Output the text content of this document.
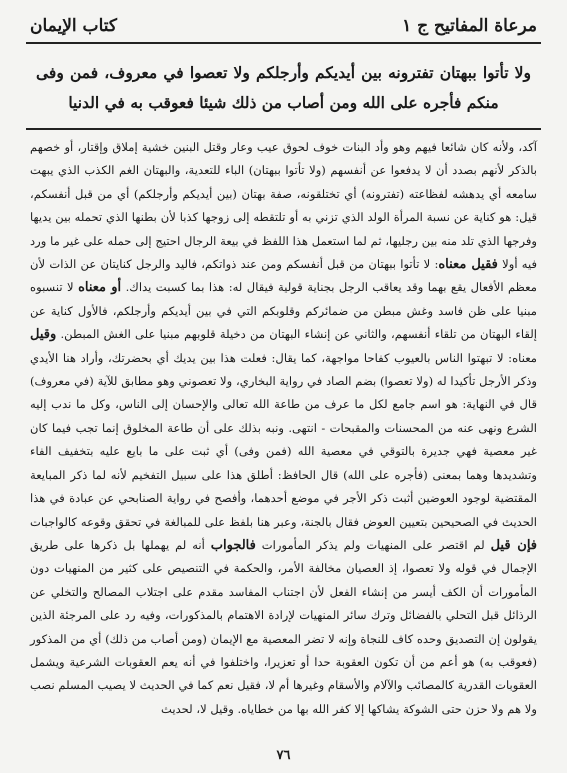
مرعاة المفاتيح ج ١
كتاب الإيمان
ولا تأتوا ببهتان تفترونه بين أيديكم وأرجلكم ولا تعصوا في معروف، فمن وفى منكم فأجره على الله ومن أصاب من ذلك شيئا فعوقب به في الدنيا

آكد، ولأنه كان شائعا فيهم وهو وأد البنات خوف لحوق عيب وعار وقتل البنين خشية إملاق وإقتار، أو خصهم بالذكر لأنهم بصدد أن لا يدفعوا عن أنفسهم (ولا تأتوا ببهتان) الباء للتعدية، والبهتان الغم الكذب الذي يبهت سامعه أي يدهشه لفظاعته (تفترونه) أي تختلقونه، صفة بهتان (بين أيديكم وأرجلكم) أي من قبل أنفسكم، قيل: هو كناية عن نسبة المرأة الولد الذي تزني به أو تلتقطه إلى زوجها كذبا لأن بطنها الذي تحمله بين يديها وفرجها الذي تلد منه بين رجليها، ثم لما استعمل هذا اللفظ في بيعة الرجال احتيج إلى حمله على غير ما ورد فيه أولا فقيل معناه: لا تأتوا ببهتان من قبل أنفسكم ومن عند ذواتكم، فاليد والرجل كنايتان عن الذات لأن معظم الأفعال يقع بهما وقد يعاقب الرجل بجناية قولية فيقال له: هذا بما كسبت يداك. أو معناه لا تنسبوه مبنيا على ظن فاسد وغش مبطن من ضمائركم وقلوبكم التي في بين أيديكم وأرجلكم، فالأول كناية عن إلقاء البهتان من تلقاء أنفسهم، والثاني عن إنشاء البهتان من دخيلة قلوبهم مبنيا على الغش المبطن. وقيل معناه: لا تبهتوا الناس بالعيوب كفاحا مواجهة، كما يقال: فعلت هذا بين يديك أي بحضرتك، وأراد هنا الأيدي وذكر الأرجل تأكيدا له (ولا تعصوا) بضم الصاد في رواية البخاري، ولا تعصوني وهو مطابق للآية (في معروف) قال في النهاية: هو اسم جامع لكل ما عرف من طاعة الله تعالى والإحسان إلى الناس، وكل ما ندب إليه الشرع ونهى عنه من المحسنات والمقبحات - انتهى. ونبه بذلك على أن طاعة المخلوق إنما تجب فيما كان غير معصية فهي جديرة بالتوقي في معصية الله (فمن وفى) أي ثبت على ما بايع عليه بتخفيف الفاء وتشديدها وهما بمعنى (فأجره على الله) قال الحافظ: أطلق هذا على سبيل التفخيم لأنه لما ذكر المبايعة المقتضية لوجود العوضين أثبت ذكر الأجر في موضع أحدهما، وأفصح في رواية الصنابحي عن عبادة في هذا الحديث في الصحيحين بتعيين العوض فقال بالجنة، وعبر هنا بلفظ على للمبالغة في تحقق وقوعه كالواجبات فإن قيل لم اقتصر على المنهيات ولم يذكر المأمورات فالجواب أنه لم يهملها بل ذكرها على طريق الإجمال في قوله ولا تعصوا، إذ العصيان مخالفة الأمر، والحكمة في التنصيص على كثير من المنهيات دون المأمورات أن الكف أيسر من إنشاء الفعل لأن اجتناب المفاسد مقدم على اجتلاب المصالح والتخلي عن الرذائل قبل التحلي بالفضائل وترك سائر المنهيات لإرادة الاهتمام بالمذكورات، وفيه رد على المرجئة الذين يقولون إن التصديق وحده كاف للنجاة وإنه لا تضر المعصية مع الإيمان (ومن أصاب من ذلك) أي من المذكور (فعوقب به) هو أعم من أن تكون العقوبة حدا أو تعزيرا، واختلفوا في أنه يعم العقوبات الشرعية ويشمل العقوبات القدرية كالمصائب والآلام والأسقام وغيرها أم لا، فقيل نعم كما في الحديث لا يصيب المسلم نصب ولا هم ولا حزن حتى الشوكة يشاكها إلا كفر الله بها من خطاياه. وقيل لا، لحديث

٧٦
